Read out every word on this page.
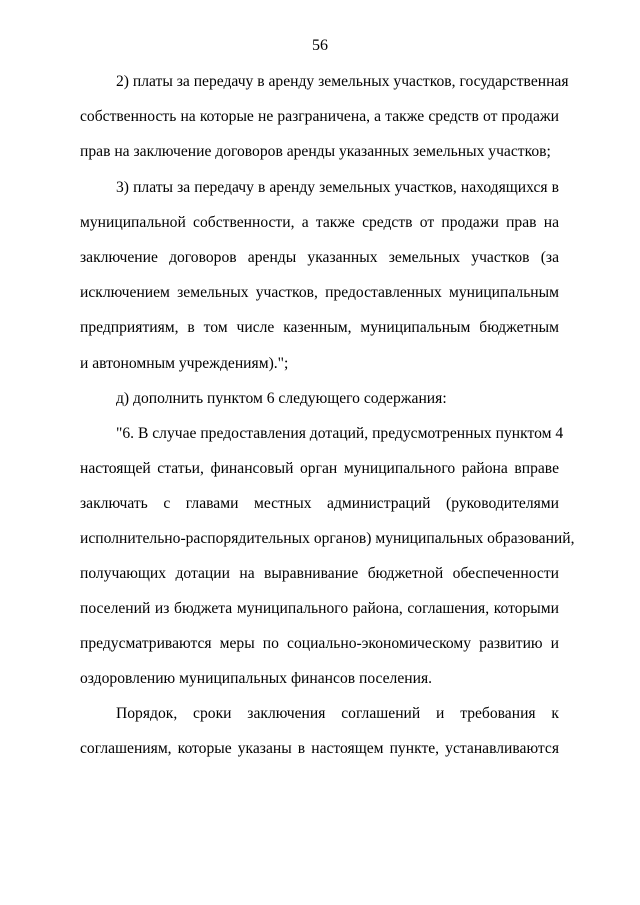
56
2) платы за передачу в аренду земельных участков, государственная
собственность на которые не разграничена, а также средств от продажи
прав на заключение договоров аренды указанных земельных участков;
3) платы за передачу в аренду земельных участков, находящихся в
муниципальной собственности, а также средств от продажи прав на
заключение договоров аренды указанных земельных участков (за
исключением земельных участков, предоставленных муниципальным
предприятиям, в том числе казенным, муниципальным бюджетным
и автономным учреждениям).";
д) дополнить пунктом 6 следующего содержания:
"6. В случае предоставления дотаций, предусмотренных пунктом 4
настоящей статьи, финансовый орган муниципального района вправе
заключать с главами местных администраций (руководителями
исполнительно-распорядительных органов) муниципальных образований,
получающих дотации на выравнивание бюджетной обеспеченности
поселений из бюджета муниципального района, соглашения, которыми
предусматриваются меры по социально-экономическому развитию и
оздоровлению муниципальных финансов поселения.
Порядок, сроки заключения соглашений и требования к
соглашениям, которые указаны в настоящем пункте, устанавливаются
